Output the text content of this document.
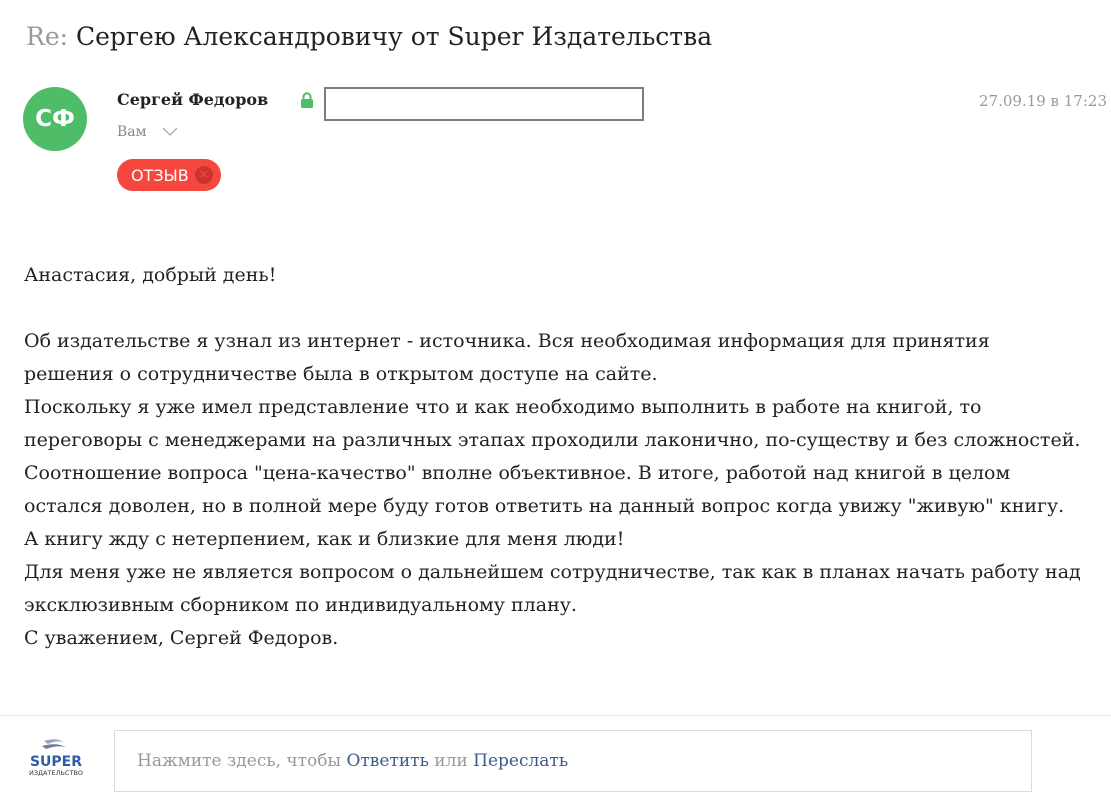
Re: Сергею Александровичу от Super Издательства
СФ
Сергей Федоров	27.09.19 в 17:23
Вам
ОТЗЫВ ✕

Анастасия, добрый день!

Об издательстве я узнал из интернет - источника. Вся необходимая информация для принятия решения о сотрудничестве была в открытом доступе на сайте.

Поскольку я уже имел представление что и как необходимо выполнить в работе на книгой, то переговоры с менеджерами на различных этапах проходили лаконично, по-существу и без сложностей.

Соотношение вопроса "цена-качество" вполне объективное. В итоге, работой над книгой в целом остался доволен, но в полной мере буду готов ответить на данный вопрос когда увижу "живую" книгу.

А книгу жду с нетерпением, как и близкие для меня люди!

Для меня уже не является вопросом о дальнейшем сотрудничестве, так как в планах начать работу над эксклюзивным сборником по индивидуальному плану.

С уважением, Сергей Федоров.

SUPER
ИЗДАТЕЛЬСТВО
Нажмите здесь, чтобы Ответить или Переслать
